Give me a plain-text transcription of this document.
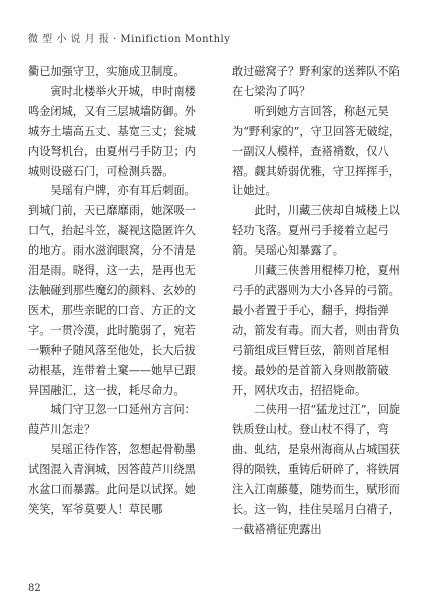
微 型 小 说 月 报 · Minifiction Monthly

衢已加强守卫，实施成卫制度。

寅时北楼举火开城，申时南楼鸣金闭城，又有三层城墙防御。外城夯土墙高五丈、基宽三丈；瓮城内设弩机台，由夏州弓手防卫；内城则设磁石门，可检测兵器。

吴瑶有户牌，亦有耳后刺面。到城门前，天已靡靡雨，她深吸一口气，抬起斗笠，凝视这隐匿许久的地方。雨水滋润眼窝，分不清是泪是雨。晓得，这一去，是再也无法触碰到那些魔幻的颜料、玄妙的医术，那些亲昵的口音、方正的文字。一贯冷漠，此时脆弱了，宛若一颗种子随风落至他处，长大后拔动根基，连带着土窠——她早已跟异国融汇，这一拔，耗尽命力。

城门守卫忽一口延州方言问：葭芦川怎走？

吴瑶正待作答，忽想起骨勒墨试图混入青涧城，因答葭芦川绕黑水盆口而暴露。此问是以试探。她笑笑，军爷莫要人！草民哪

敢过磁窝子？野利家的送葬队不陷在七梁沟了吗？

听到她方言回答，称赵元昊为“野利家的”，守卫回答无破绽，一副汉人模样，查褡褙数，仅八褶。觑其娇弱优雅，守卫挥挥手，让她过。

此时，川藏三侠却自城楼上以轻功飞落。夏州弓手接着立起弓箭。吴瑶心知暴露了。

川藏三侠善用棍棒刀枪，夏州弓手的武器则为大小各异的弓箭。最小者置于手心，翻手，拇指弹动，箭发有毒。而大者，则由背负弓箭组成巨臂巨弦，箭则首尾相接。最妙的是首箭入身则散箭破开，网状攻击，招招毙命。

二侠用一招“猛龙过江”，回旋铁质登山杖。登山杖不得了，弯曲、虬结，是泉州海商从占城国获得的陨铁，重铸后研碎了，将铁屑注入江南藤蔓，随势而生，赋形而长。这一钩，挂住吴瑶月白褙子，一截褡褙征兜露出

82
